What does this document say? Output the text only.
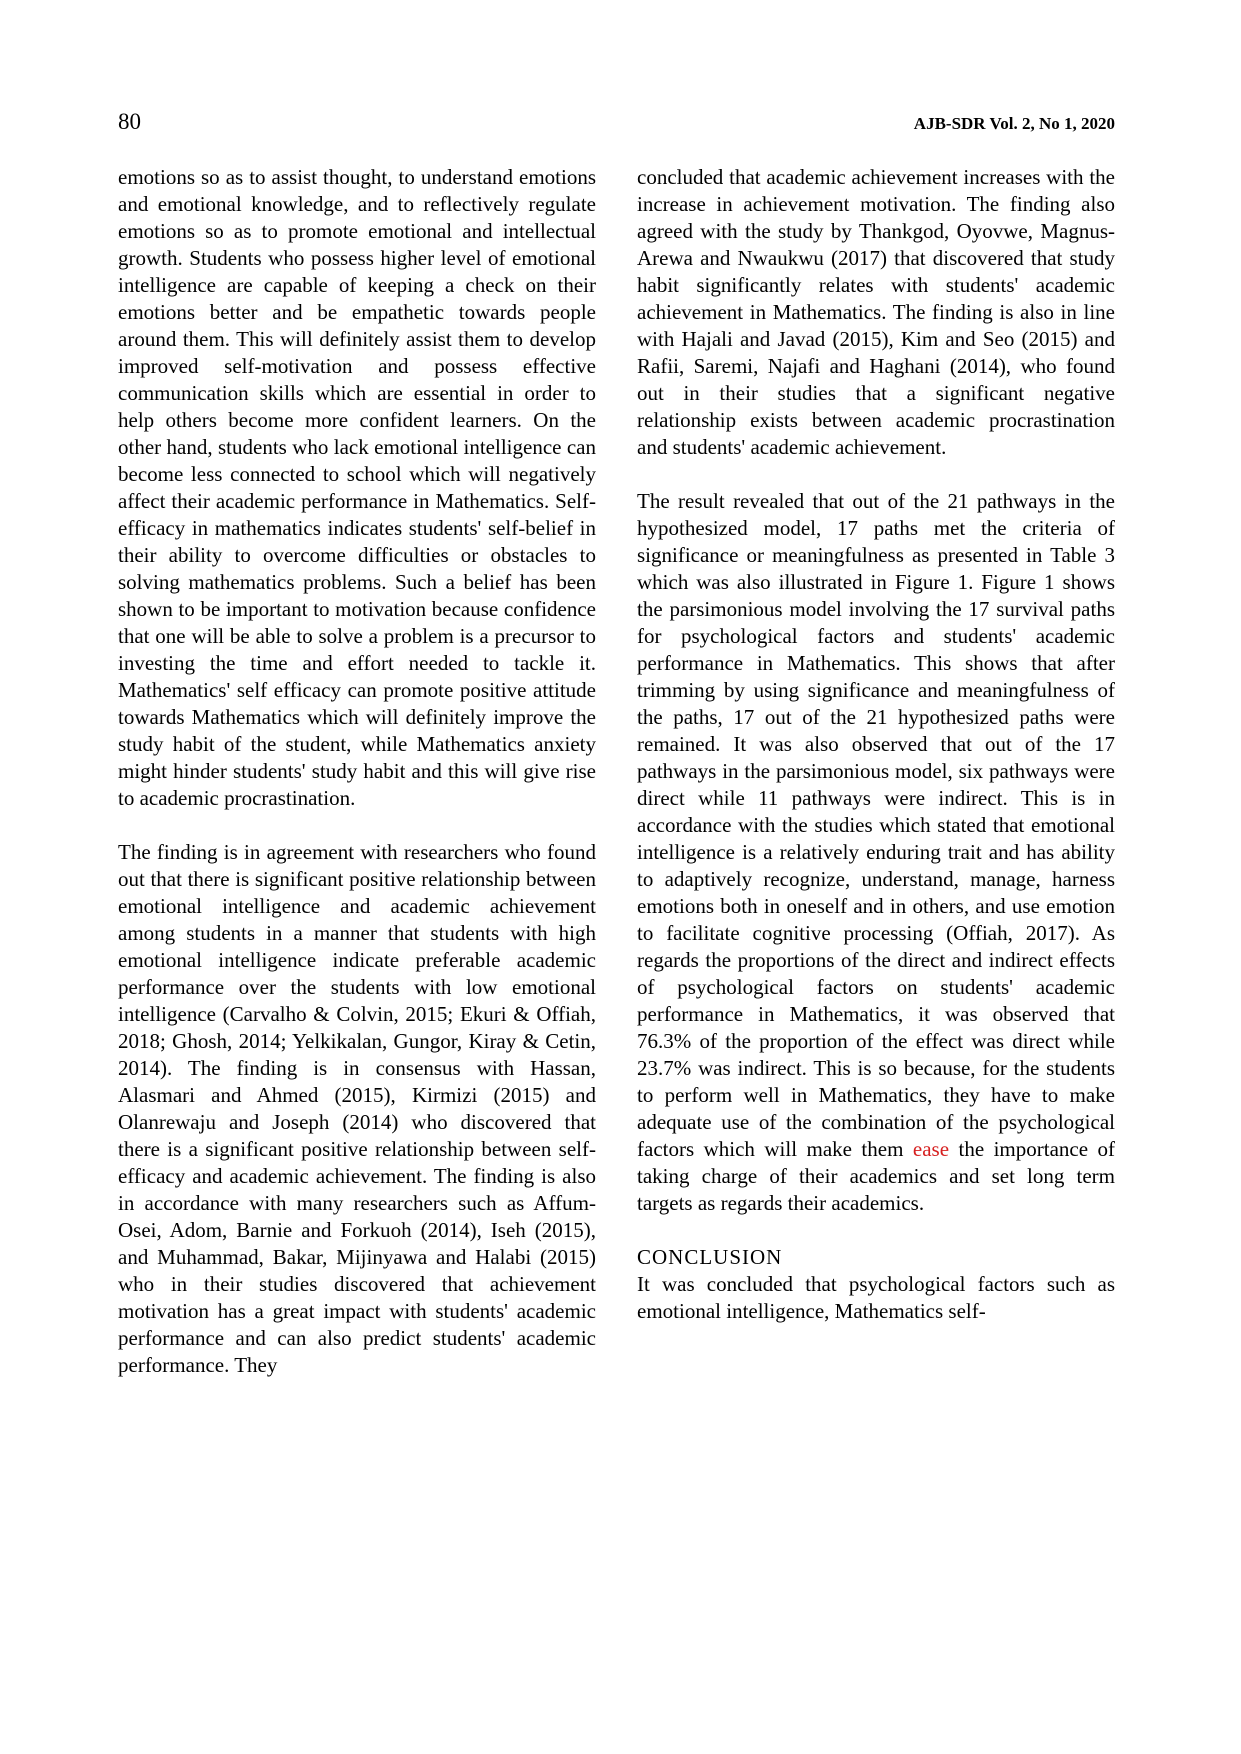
80	AJB-SDR Vol. 2, No 1, 2020

emotions so as to assist thought, to understand emotions and emotional knowledge, and to reflectively regulate emotions so as to promote emotional and intellectual growth. Students who possess higher level of emotional intelligence are capable of keeping a check on their emotions better and be empathetic towards people around them. This will definitely assist them to develop improved self-motivation and possess effective communication skills which are essential in order to help others become more confident learners. On the other hand, students who lack emotional intelligence can become less connected to school which will negatively affect their academic performance in Mathematics. Self-efficacy in mathematics indicates students' self-belief in their ability to overcome difficulties or obstacles to solving mathematics problems. Such a belief has been shown to be important to motivation because confidence that one will be able to solve a problem is a precursor to investing the time and effort needed to tackle it. Mathematics' self efficacy can promote positive attitude towards Mathematics which will definitely improve the study habit of the student, while Mathematics anxiety might hinder students' study habit and this will give rise to academic procrastination.

The finding is in agreement with researchers who found out that there is significant positive relationship between emotional intelligence and academic achievement among students in a manner that students with high emotional intelligence indicate preferable academic performance over the students with low emotional intelligence (Carvalho & Colvin, 2015; Ekuri & Offiah, 2018; Ghosh, 2014; Yelkikalan, Gungor, Kiray & Cetin, 2014). The finding is in consensus with Hassan, Alasmari and Ahmed (2015), Kirmizi (2015) and Olanrewaju and Joseph (2014) who discovered that there is a significant positive relationship between self-efficacy and academic achievement. The finding is also in accordance with many researchers such as Affum-Osei, Adom, Barnie and Forkuoh (2014), Iseh (2015), and Muhammad, Bakar, Mijinyawa and Halabi (2015) who in their studies discovered that achievement motivation has a great impact with students' academic performance and can also predict students' academic performance. They

concluded that academic achievement increases with the increase in achievement motivation. The finding also agreed with the study by Thankgod, Oyovwe, Magnus-Arewa and Nwaukwu (2017) that discovered that study habit significantly relates with students' academic achievement in Mathematics. The finding is also in line with Hajali and Javad (2015), Kim and Seo (2015) and Rafii, Saremi, Najafi and Haghani (2014), who found out in their studies that a significant negative relationship exists between academic procrastination and students' academic achievement.

The result revealed that out of the 21 pathways in the hypothesized model, 17 paths met the criteria of significance or meaningfulness as presented in Table 3 which was also illustrated in Figure 1. Figure 1 shows the parsimonious model involving the 17 survival paths for psychological factors and students' academic performance in Mathematics. This shows that after trimming by using significance and meaningfulness of the paths, 17 out of the 21 hypothesized paths were remained. It was also observed that out of the 17 pathways in the parsimonious model, six pathways were direct while 11 pathways were indirect. This is in accordance with the studies which stated that emotional intelligence is a relatively enduring trait and has ability to adaptively recognize, understand, manage, harness emotions both in oneself and in others, and use emotion to facilitate cognitive processing (Offiah, 2017). As regards the proportions of the direct and indirect effects of psychological factors on students' academic performance in Mathematics, it was observed that 76.3% of the proportion of the effect was direct while 23.7% was indirect. This is so because, for the students to perform well in Mathematics, they have to make adequate use of the combination of the psychological factors which will make them ease the importance of taking charge of their academics and set long term targets as regards their academics.

CONCLUSION

It was concluded that psychological factors such as emotional intelligence, Mathematics self-
